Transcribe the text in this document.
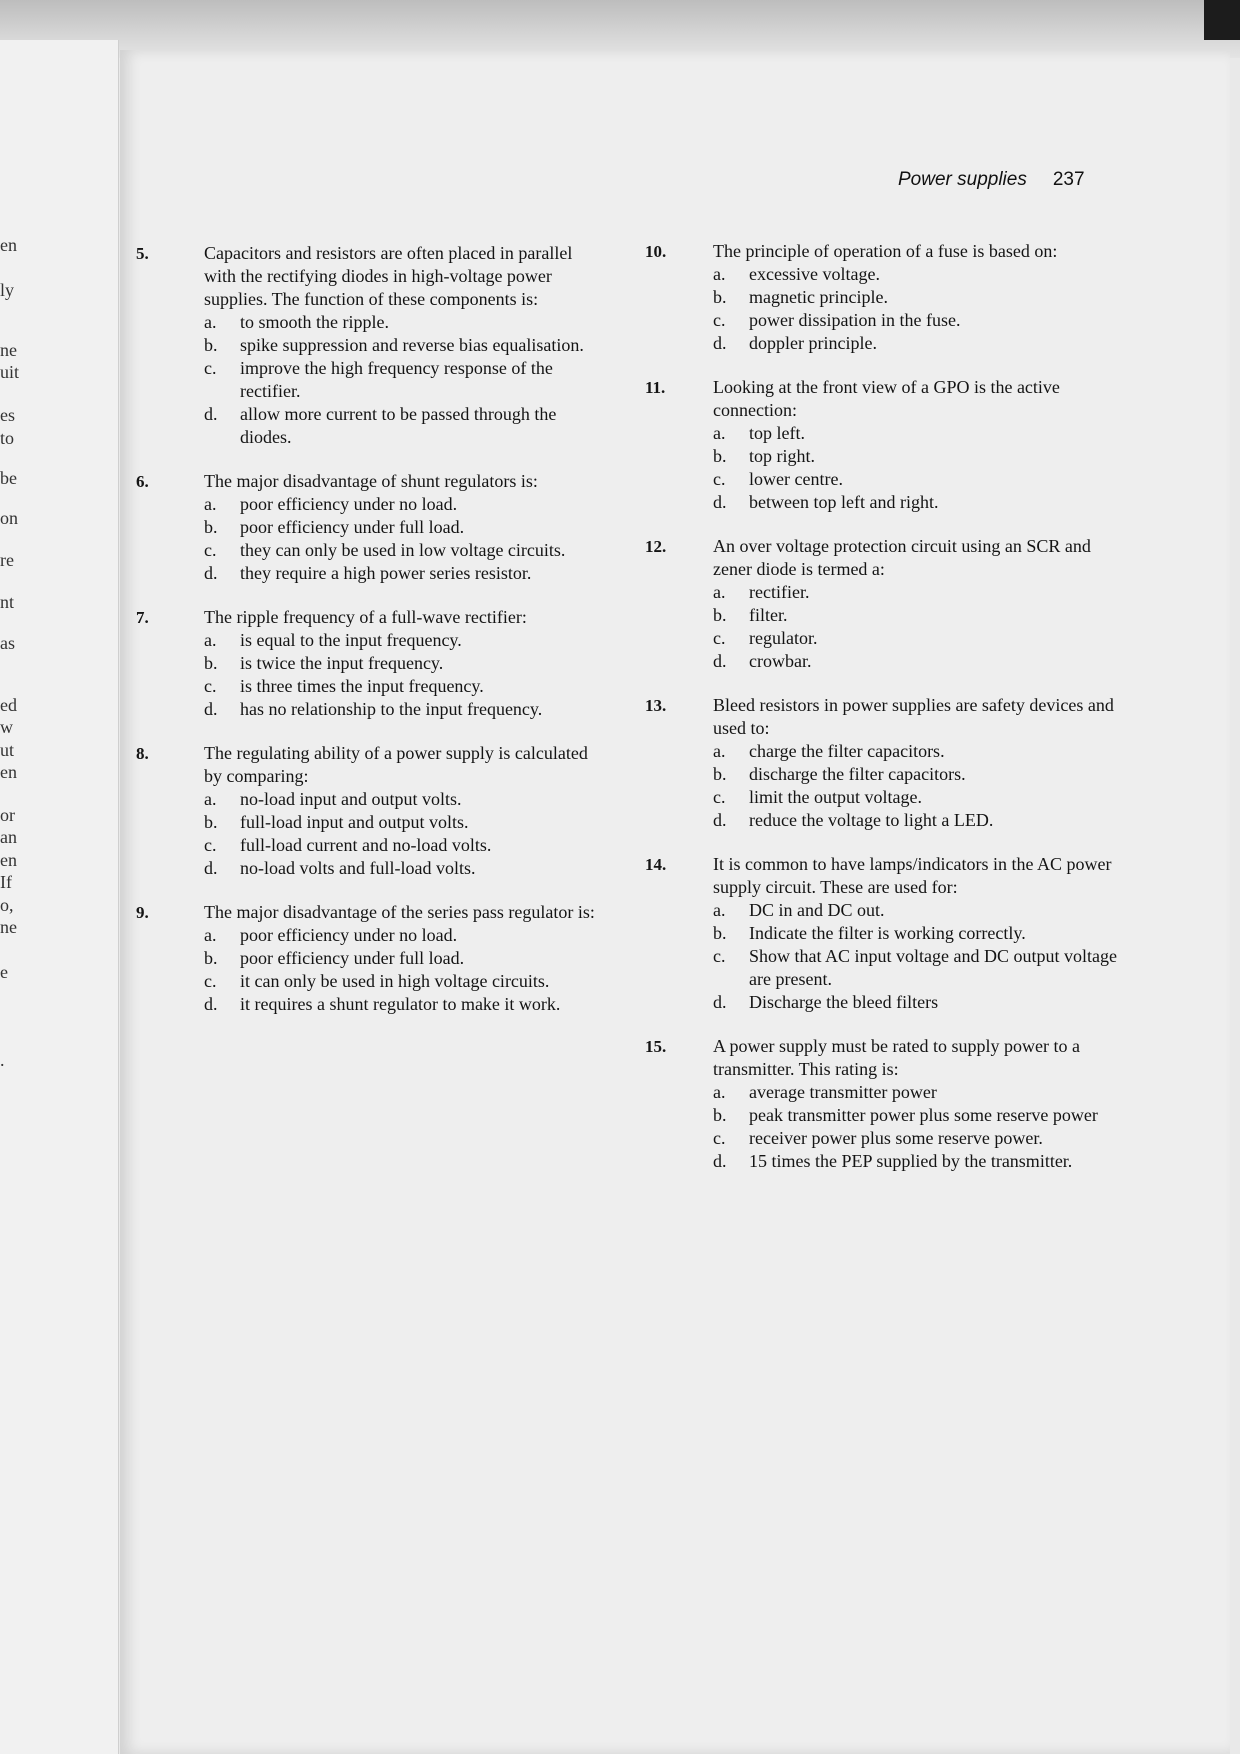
en
ly
ne
uit
es
to
be
on
re
nt
as
ed
w
ut
en
or
an
en
If
o,
ne
e
.
Power supplies 237
5.	Capacitors and resistors are often placed in parallel with the rectifying diodes in high-voltage power supplies. The function of these components is:
a. to smooth the ripple.
b. spike suppression and reverse bias equalisation.
c. improve the high frequency response of the rectifier.
d. allow more current to be passed through the diodes.
6.	The major disadvantage of shunt regulators is:
a. poor efficiency under no load.
b. poor efficiency under full load.
c. they can only be used in low voltage circuits.
d. they require a high power series resistor.
7.	The ripple frequency of a full-wave rectifier:
a. is equal to the input frequency.
b. is twice the input frequency.
c. is three times the input frequency.
d. has no relationship to the input frequency.
8.	The regulating ability of a power supply is calculated by comparing:
a. no-load input and output volts.
b. full-load input and output volts.
c. full-load current and no-load volts.
d. no-load volts and full-load volts.
9.	The major disadvantage of the series pass regulator is:
a. poor efficiency under no load.
b. poor efficiency under full load.
c. it can only be used in high voltage circuits.
d. it requires a shunt regulator to make it work.
10.	The principle of operation of a fuse is based on:
a. excessive voltage.
b. magnetic principle.
c. power dissipation in the fuse.
d. doppler principle.
11.	Looking at the front view of a GPO is the active connection:
a. top left.
b. top right.
c. lower centre.
d. between top left and right.
12.	An over voltage protection circuit using an SCR and zener diode is termed a:
a. rectifier.
b. filter.
c. regulator.
d. crowbar.
13.	Bleed resistors in power supplies are safety devices and used to:
a. charge the filter capacitors.
b. discharge the filter capacitors.
c. limit the output voltage.
d. reduce the voltage to light a LED.
14.	It is common to have lamps/indicators in the AC power supply circuit. These are used for:
a. DC in and DC out.
b. Indicate the filter is working correctly.
c. Show that AC input voltage and DC output voltage are present.
d. Discharge the bleed filters
15.	A power supply must be rated to supply power to a transmitter. This rating is:
a. average transmitter power
b. peak transmitter power plus some reserve power
c. receiver power plus some reserve power.
d. 15 times the PEP supplied by the transmitter.
